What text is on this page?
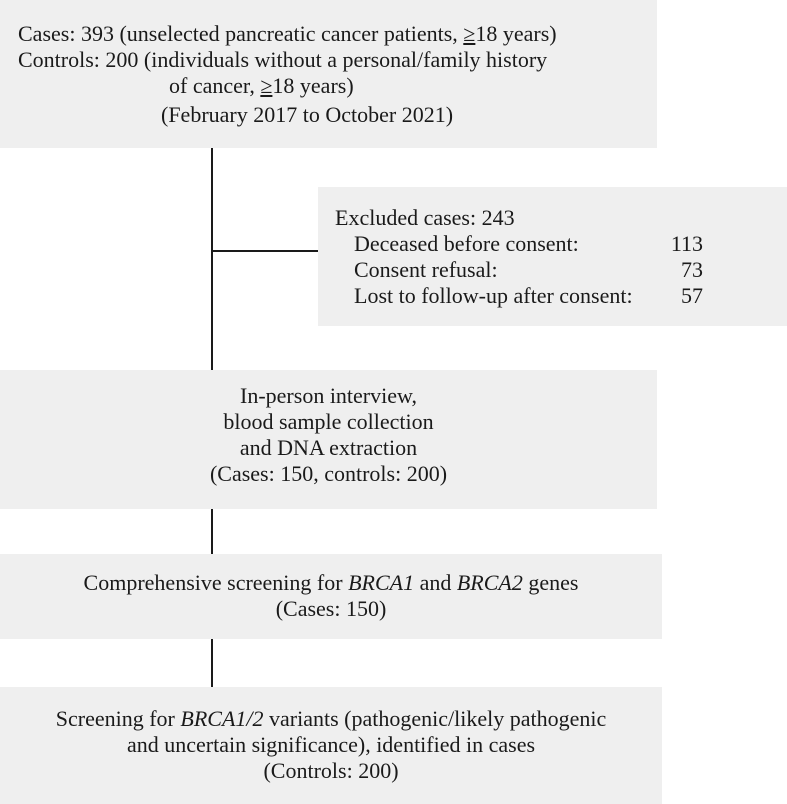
Cases: 393 (unselected pancreatic cancer patients, ≥18 years)
Controls: 200 (individuals without a personal/family history
of cancer, ≥18 years)
(February 2017 to October 2021)
Excluded cases: 243
Deceased before consent:	113
Consent refusal:	73
Lost to follow-up after consent: 57
In-person interview,
blood sample collection
and DNA extraction
(Cases: 150, controls: 200)
Comprehensive screening for BRCA1 and BRCA2 genes
(Cases: 150)
Screening for BRCA1/2 variants (pathogenic/likely pathogenic
and uncertain significance), identified in cases
(Controls: 200)
